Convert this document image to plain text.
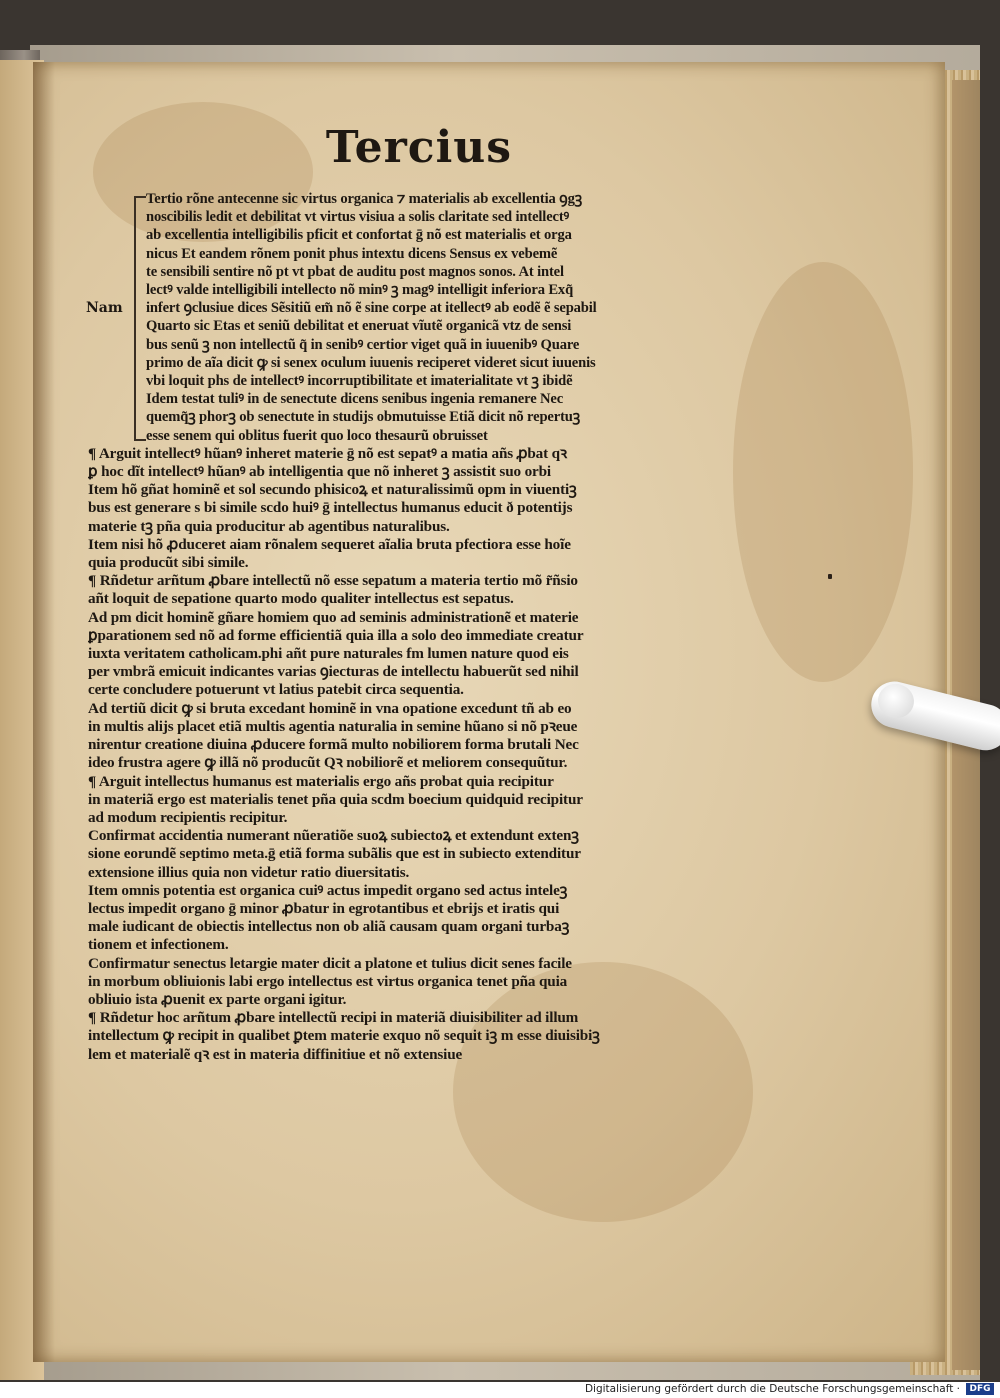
Tercius
Nam
Tertio rõne antecenne sic virtus organica ⁊ materialis ab excellentia ꝯgꝫ
noscibilis ledit et debilitat vt virtus visiua a solis claritate sed intellectꝰ
ab excellentia intelligibilis pficit et confortat ḡ nõ est materialis et orga
nicus Et eandem rõnem ponit phus intextu dicens Sensus ex vebemẽ
te sensibili sentire nõ pt vt pbat de auditu post magnos sonos. At intel
lectꝰ valde intelligibili intellecto nõ minꝰ ꝫ magꝰ intelligit inferiora Exq̃
infert ꝯclusiue dices Sẽsitiũ em̃ nõ ẽ sine corpe at itellectꝰ ab eodẽ ẽ sepabil
Quarto sic Etas et seniũ debilitat et eneruat vĩutẽ organicã vtz de sensi
bus senũ ꝫ non intellectũ q̃ in senibꝰ certior viget quã in iuuenibꝰ Quare
primo de aĩa dicit ꝙ si senex oculum iuuenis reciperet videret sicut iuuenis
vbi loquit phs de intellectꝰ incorruptibilitate et imaterialitate vt ꝫ ibidẽ
Idem testat tuliꝰ in de senectute dicens senibus ingenia remanere Nec
quemq̃ꝫ phorꝫ ob senectute in studijs obmutuisse Etiã dicit nõ repertuꝫ
esse senem qui oblitus fuerit quo loco thesaurũ obruisset
¶ Arguit intellectꝰ hũanꝰ inheret materie ḡ nõ est sepatꝰ a matia añs ꝓbat qꝛ
ꝑ hoc dĩt intellectꝰ hũanꝰ ab intelligentia que nõ inheret ꝫ assistit suo orbi
Item hõ gñat hominẽ et sol secundo phisicoꝝ et naturalissimũ opm in viuentiꝫ
bus est generare s bi simile scdo huiꝰ ḡ intellectus humanus educit ð potentijs
materie tꝫ pña quia producitur ab agentibus naturalibus.
Item nisi hõ ꝓduceret aiam rõnalem sequeret aĩalia bruta pfectiora esse hoĩe
quia producũt sibi simile.
¶ Rñdetur arñtum ꝓbare intellectũ nõ esse sepatum a materia tertio mõ r̃ñsio
añt loquit de sepatione quarto modo qualiter intellectus est sepatus.
Ad pm dicit hominẽ gñare homiem quo ad seminis administrationẽ et materie
ꝑparationem sed nõ ad forme efficientiã quia illa a solo deo immediate creatur
iuxta veritatem catholicam.phi añt pure naturales fm lumen nature quod eis
per vmbrã emicuit indicantes varias ꝯiecturas de intellectu habuerũt sed nihil
certe concludere potuerunt vt latius patebit circa sequentia.
Ad tertiũ dicit ꝙ si bruta excedant hominẽ in vna opatione excedunt tñ ab eo
in multis alijs placet etiã multis agentia naturalia in semine hũano si nõ pꝛeue
nirentur creatione diuina ꝓducere formã multo nobiliorem forma brutali Nec
ideo frustra agere ꝙ illã nõ producũt Qꝛ nobiliorẽ et meliorem consequũtur.
¶ Arguit intellectus humanus est materialis ergo añs probat quia recipitur
in materiã ergo est materialis tenet pña quia scdm boecium quidquid recipitur
ad modum recipientis recipitur.
Confirmat accidentia numerant nũeratiõe suoꝝ subiectoꝝ et extendunt extenꝫ
sione eorundẽ septimo meta.ḡ etiã forma subãlis que est in subiecto extenditur
extensione illius quia non videtur ratio diuersitatis.
Item omnis potentia est organica cuiꝰ actus impedit organo sed actus inteleꝫ
lectus impedit organo ḡ minor ꝓbatur in egrotantibus et ebrijs et iratis qui
male iudicant de obiectis intellectus non ob aliã causam quam organi turbaꝫ
tionem et infectionem.
Confirmatur senectus letargie mater dicit a platone et tulius dicit senes facile
in morbum obliuionis labi ergo intellectus est virtus organica tenet pña quia
obliuio ista ꝓuenit ex parte organi igitur.
¶ Rñdetur hoc arñtum ꝓbare intellectũ recipi in materiã diuisibiliter ad illum
intellectum ꝙ recipit in qualibet ꝑtem materie exquo nõ sequit iꝫ m esse diuisibiꝫ
lem et materialẽ qꝛ est in materia diffinitiue et nõ extensiue
Digitalisierung gefördert durch die Deutsche Forschungsgemeinschaft ·	DFG
